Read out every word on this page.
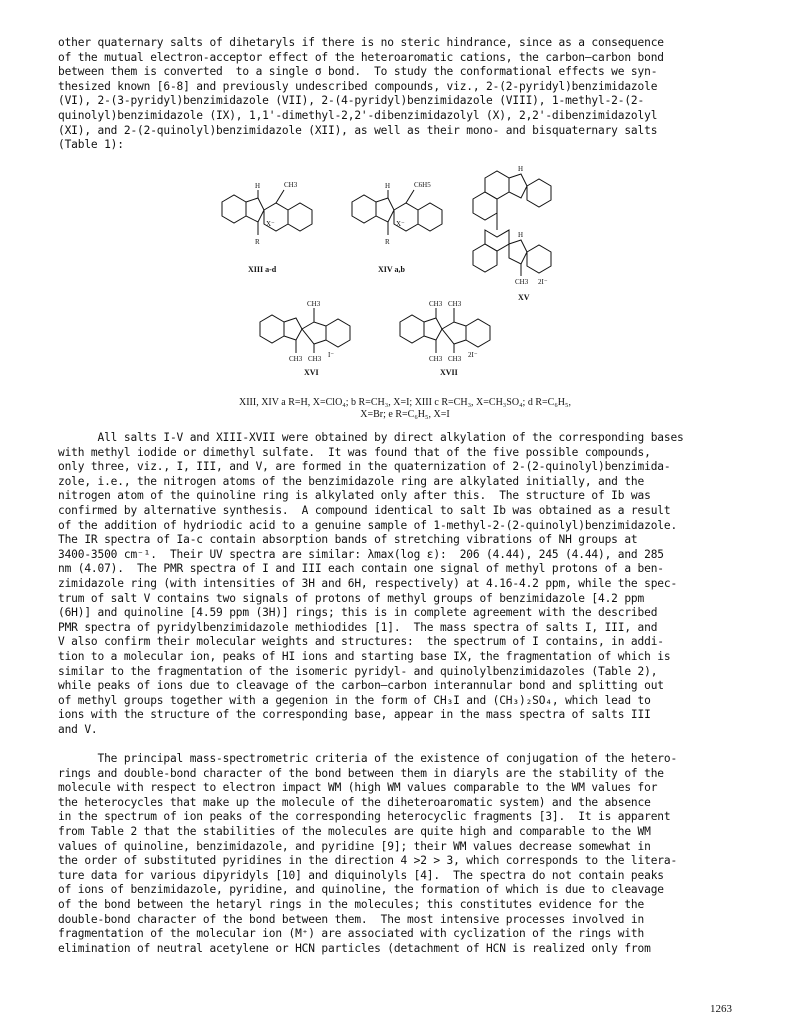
other quaternary salts of dihetaryls if there is no steric hindrance, since as a consequence
of the mutual electron-acceptor effect of the heteroaromatic cations, the carbon—carbon bond
between them is converted  to a single σ bond.  To study the conformational effects we syn-
thesized known [6-8] and previously undescribed compounds, viz., 2-(2-pyridyl)benzimidazole
(VI), 2-(3-pyridyl)benzimidazole (VII), 2-(4-pyridyl)benzimidazole (VIII), 1-methyl-2-(2-
quinolyl)benzimidazole (IX), 1,1'-dimethyl-2,2'-dibenzimidazolyl (X), 2,2'-dibenzimidazolyl
(XI), and 2-(2-quinolyl)benzimidazole (XII), as well as their mono- and bisquaternary salts
(Table 1):

H	CH3
X⁻
R
XIII a-d
H	C6H5
X⁻
R
XIV a,b
H
H
CH3 2I⁻
XV
CH3
CH3 CH3 I⁻
XVI
CH3 CH3
CH3 CH3 2I⁻
XVII
XIII, XIV a R=H, X=ClO₄; b R=CH₃, X=I; XIII c R=CH₃, X=CH₃SO₄; d R=C₆H₅,
X=Br; e R=C₆H₅, X=I

All salts I-V and XIII-XVII were obtained by direct alkylation of the corresponding bases
with methyl iodide or dimethyl sulfate.  It was found that of the five possible compounds,
only three, viz., I, III, and V, are formed in the quaternization of 2-(2-quinolyl)benzimida-
zole, i.e., the nitrogen atoms of the benzimidazole ring are alkylated initially, and the
nitrogen atom of the quinoline ring is alkylated only after this.  The structure of Ib was
confirmed by alternative synthesis.  A compound identical to salt Ib was obtained as a result
of the addition of hydriodic acid to a genuine sample of 1-methyl-2-(2-quinolyl)benzimidazole.
The IR spectra of Ia-c contain absorption bands of stretching vibrations of NH groups at
3400-3500 cm⁻¹.  Their UV spectra are similar: λmax(log ε):  206 (4.44), 245 (4.44), and 285
nm (4.07).  The PMR spectra of I and III each contain one signal of methyl protons of a ben-
zimidazole ring (with intensities of 3H and 6H, respectively) at 4.16-4.2 ppm, while the spec-
trum of salt V contains two signals of protons of methyl groups of benzimidazole [4.2 ppm
(6H)] and quinoline [4.59 ppm (3H)] rings; this is in complete agreement with the described
PMR spectra of pyridylbenzimidazole methiodides [1].  The mass spectra of salts I, III, and
V also confirm their molecular weights and structures:  the spectrum of I contains, in addi-
tion to a molecular ion, peaks of HI ions and starting base IX, the fragmentation of which is
similar to the fragmentation of the isomeric pyridyl- and quinolylbenzimidazoles (Table 2),
while peaks of ions due to cleavage of the carbon—carbon interannular bond and splitting out
of methyl groups together with a gegenion in the form of CH₃I and (CH₃)₂SO₄, which lead to
ions with the structure of the corresponding base, appear in the mass spectra of salts III
and V.

The principal mass-spectrometric criteria of the existence of conjugation of the hetero-
rings and double-bond character of the bond between them in diaryls are the stability of the
molecule with respect to electron impact WM (high WM values comparable to the WM values for
the heterocycles that make up the molecule of the diheteroaromatic system) and the absence
in the spectrum of ion peaks of the corresponding heterocyclic fragments [3].  It is apparent
from Table 2 that the stabilities of the molecules are quite high and comparable to the WM
values of quinoline, benzimidazole, and pyridine [9]; their WM values decrease somewhat in
the order of substituted pyridines in the direction 4 >2 > 3, which corresponds to the litera-
ture data for various dipyridyls [10] and diquinolyls [4].  The spectra do not contain peaks
of ions of benzimidazole, pyridine, and quinoline, the formation of which is due to cleavage
of the bond between the hetaryl rings in the molecules; this constitutes evidence for the
double-bond character of the bond between them.  The most intensive processes involved in
fragmentation of the molecular ion (M⁺) are associated with cyclization of the rings with
elimination of neutral acetylene or HCN particles (detachment of HCN is realized only from

1263
